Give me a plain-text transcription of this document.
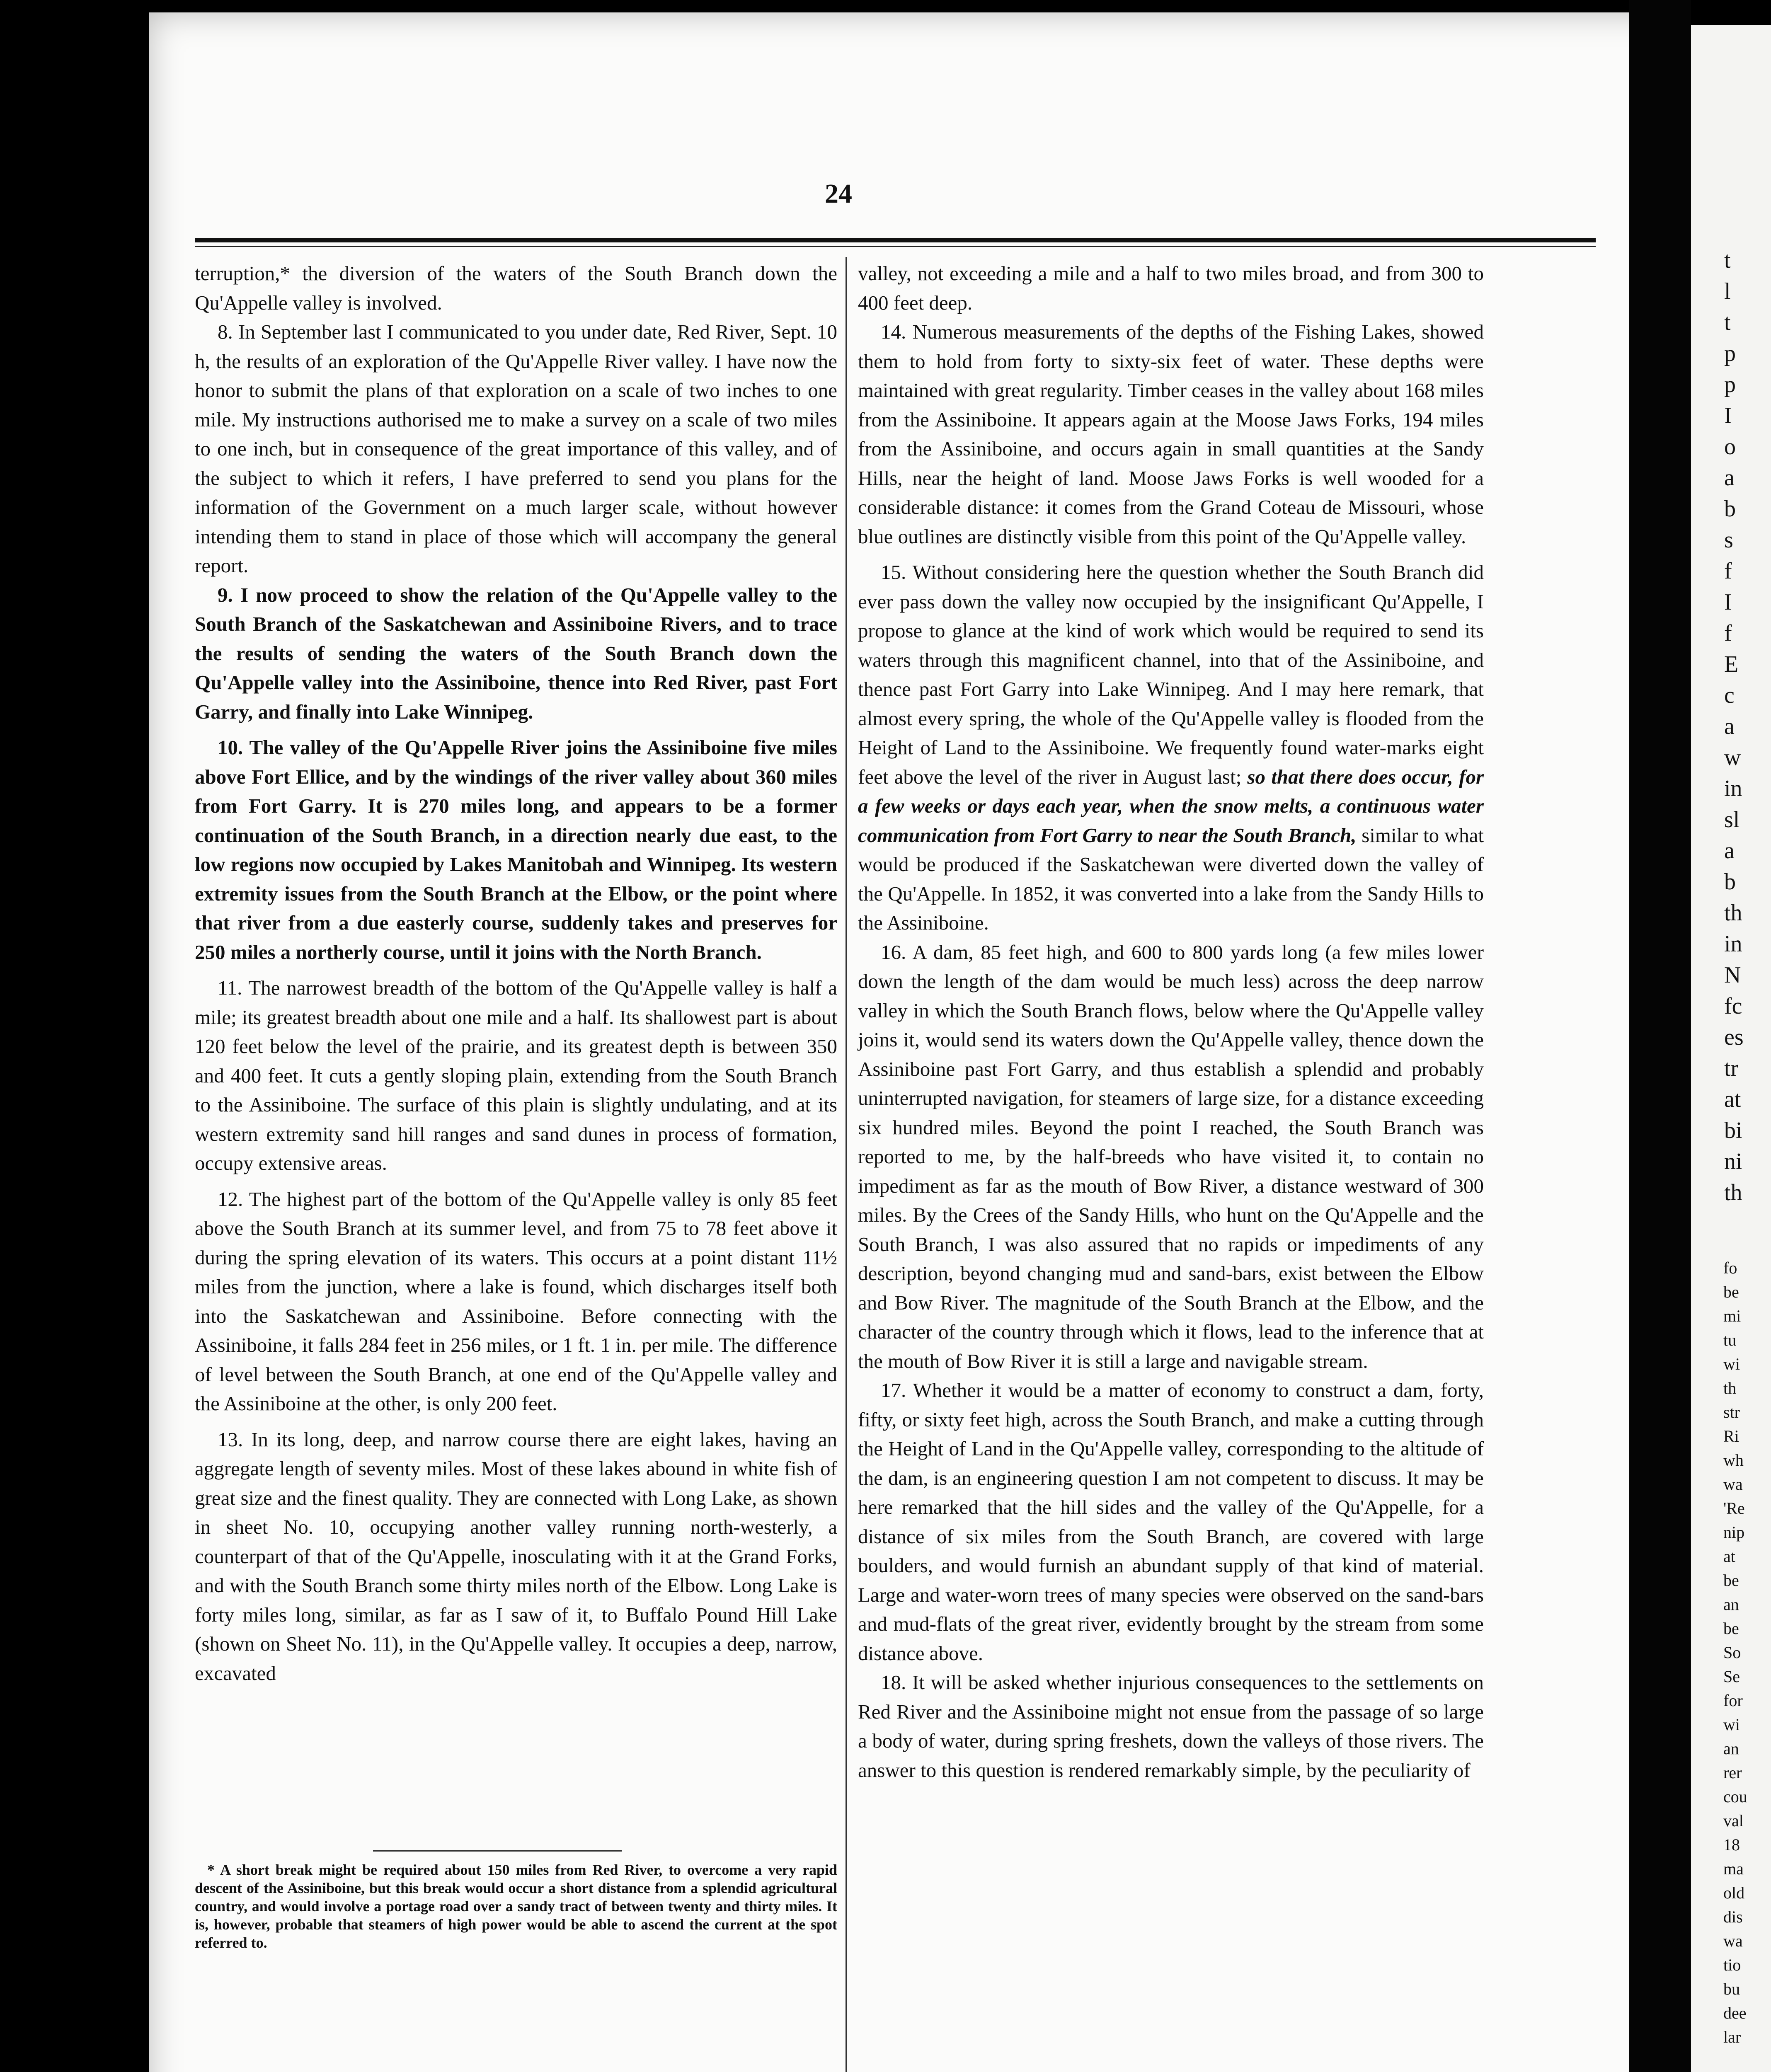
t
l
t
p
p
I
o
a
b
s
f
I
f
E
c
a
w
in
sl
a
b
th
in
N
fc
es
tr
at
bi
ni
th
fo
be
mi
tu
wi
th
str
Ri
wh
wa
'Re
nip
at
be
an
be
So
Se
for
wi
an
rer
cou
val
18
ma
old
dis
wa
tio
bu
dee
lar
24

terruption,* the diversion of the waters of the South Branch down the Qu'Appelle valley is involved.

8. In September last I communicated to you under date, Red River, Sept. 10 h, the results of an exploration of the Qu'Appelle River valley. I have now the honor to submit the plans of that exploration on a scale of two inches to one mile. My instructions authorised me to make a survey on a scale of two miles to one inch, but in consequence of the great importance of this valley, and of the subject to which it refers, I have preferred to send you plans for the information of the Government on a much larger scale, without however intending them to stand in place of those which will accompany the general report.

9. I now proceed to show the relation of the Qu'Appelle valley to the South Branch of the Saskatchewan and Assiniboine Rivers, and to trace the results of sending the waters of the South Branch down the Qu'Appelle valley into the Assiniboine, thence into Red River, past Fort Garry, and finally into Lake Winnipeg.

10. The valley of the Qu'Appelle River joins the Assiniboine five miles above Fort Ellice, and by the windings of the river valley about 360 miles from Fort Garry. It is 270 miles long, and appears to be a former continuation of the South Branch, in a direction nearly due east, to the low regions now occupied by Lakes Manitobah and Winnipeg. Its western extremity issues from the South Branch at the Elbow, or the point where that river from a due easterly course, suddenly takes and preserves for 250 miles a northerly course, until it joins with the North Branch.

11. The narrowest breadth of the bottom of the Qu'Appelle valley is half a mile; its greatest breadth about one mile and a half. Its shallowest part is about 120 feet below the level of the prairie, and its greatest depth is between 350 and 400 feet. It cuts a gently sloping plain, extending from the South Branch to the Assiniboine. The surface of this plain is slightly undulating, and at its western extremity sand hill ranges and sand dunes in process of formation, occupy extensive areas.

12. The highest part of the bottom of the Qu'Appelle valley is only 85 feet above the South Branch at its summer level, and from 75 to 78 feet above it during the spring elevation of its waters. This occurs at a point distant 11½ miles from the junction, where a lake is found, which discharges itself both into the Saskatchewan and Assiniboine. Before connecting with the Assiniboine, it falls 284 feet in 256 miles, or 1 ft. 1 in. per mile. The difference of level between the South Branch, at one end of the Qu'Appelle valley and the Assiniboine at the other, is only 200 feet.

13. In its long, deep, and narrow course there are eight lakes, having an aggregate length of seventy miles. Most of these lakes abound in white fish of great size and the finest quality. They are connected with Long Lake, as shown in sheet No. 10, occupying another valley running north-westerly, a counterpart of that of the Qu'Appelle, inosculating with it at the Grand Forks, and with the South Branch some thirty miles north of the Elbow. Long Lake is forty miles long, similar, as far as I saw of it, to Buffalo Pound Hill Lake (shown on Sheet No. 11), in the Qu'Appelle valley. It occupies a deep, narrow, excavated

valley, not exceeding a mile and a half to two miles broad, and from 300 to 400 feet deep.

14. Numerous measurements of the depths of the Fishing Lakes, showed them to hold from forty to sixty-six feet of water. These depths were maintained with great regularity. Timber ceases in the valley about 168 miles from the Assiniboine. It appears again at the Moose Jaws Forks, 194 miles from the Assiniboine, and occurs again in small quantities at the Sandy Hills, near the height of land. Moose Jaws Forks is well wooded for a considerable distance: it comes from the Grand Coteau de Missouri, whose blue outlines are distinctly visible from this point of the Qu'Appelle valley.

15. Without considering here the question whether the South Branch did ever pass down the valley now occupied by the insignificant Qu'Appelle, I propose to glance at the kind of work which would be required to send its waters through this magnificent channel, into that of the Assiniboine, and thence past Fort Garry into Lake Winnipeg. And I may here remark, that almost every spring, the whole of the Qu'Appelle valley is flooded from the Height of Land to the Assiniboine. We frequently found water-marks eight feet above the level of the river in August last; so that there does occur, for a few weeks or days each year, when the snow melts, a continuous water communication from Fort Garry to near the South Branch, similar to what would be produced if the Saskatchewan were diverted down the valley of the Qu'Appelle. In 1852, it was converted into a lake from the Sandy Hills to the Assiniboine.

16. A dam, 85 feet high, and 600 to 800 yards long (a few miles lower down the length of the dam would be much less) across the deep narrow valley in which the South Branch flows, below where the Qu'Appelle valley joins it, would send its waters down the Qu'Appelle valley, thence down the Assiniboine past Fort Garry, and thus establish a splendid and probably uninterrupted navigation, for steamers of large size, for a distance exceeding six hundred miles. Beyond the point I reached, the South Branch was reported to me, by the half-breeds who have visited it, to contain no impediment as far as the mouth of Bow River, a distance westward of 300 miles. By the Crees of the Sandy Hills, who hunt on the Qu'Appelle and the South Branch, I was also assured that no rapids or impediments of any description, beyond changing mud and sand-bars, exist between the Elbow and Bow River. The magnitude of the South Branch at the Elbow, and the character of the country through which it flows, lead to the inference that at the mouth of Bow River it is still a large and navigable stream.

17. Whether it would be a matter of economy to construct a dam, forty, fifty, or sixty feet high, across the South Branch, and make a cutting through the Height of Land in the Qu'Appelle valley, corresponding to the altitude of the dam, is an engineering question I am not competent to discuss. It may be here remarked that the hill sides and the valley of the Qu'Appelle, for a distance of six miles from the South Branch, are covered with large boulders, and would furnish an abundant supply of that kind of material. Large and water-worn trees of many species were observed on the sand-bars and mud-flats of the great river, evidently brought by the stream from some distance above.

18. It will be asked whether injurious consequences to the settlements on Red River and the Assiniboine might not ensue from the passage of so large a body of water, during spring freshets, down the valleys of those rivers. The answer to this question is rendered remarkably simple, by the peculiarity of

* A short break might be required about 150 miles from Red River, to overcome a very rapid descent of the Assiniboine, but this break would occur a short distance from a splendid agricultural country, and would involve a portage road over a sandy tract of between twenty and thirty miles. It is, however, probable that steamers of high power would be able to ascend the current at the spot referred to.
